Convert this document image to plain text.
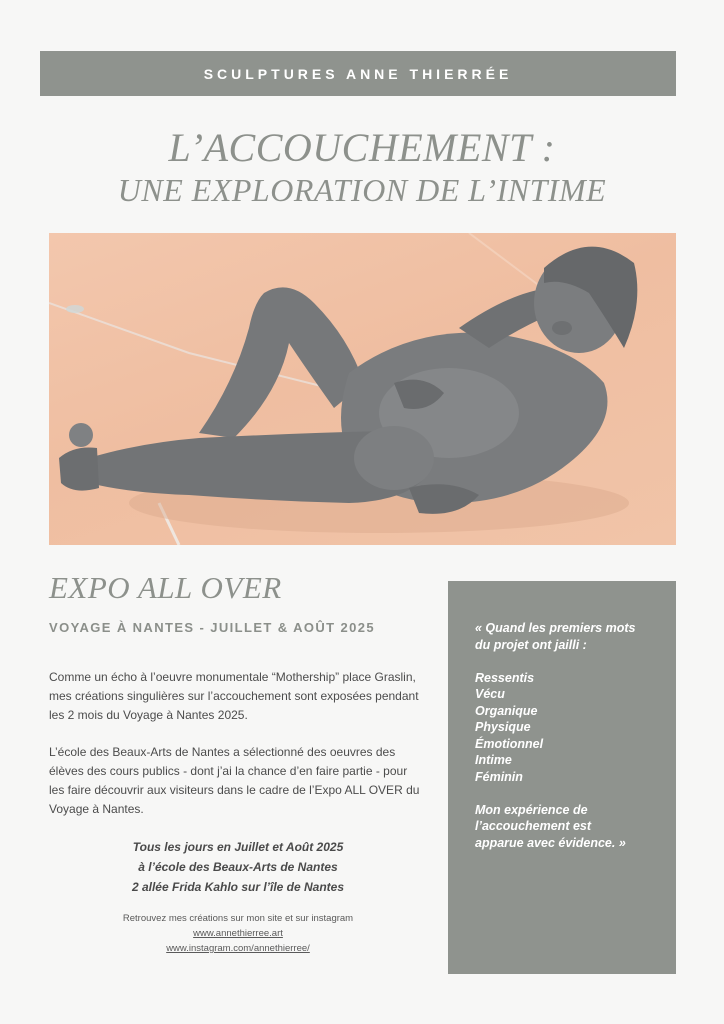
SCULPTURES ANNE THIERRÉE
L’ACCOUCHEMENT :
UNE EXPLORATION DE L’INTIME
EXPO ALL OVER
VOYAGE À NANTES - JUILLET & AOÛT 2025

Comme un écho à l’oeuvre monumentale “Mothership” place Graslin, mes créations singulières sur l’accouchement sont exposées pendant les 2 mois du Voyage à Nantes 2025.

L’école des Beaux-Arts de Nantes a sélectionné des oeuvres des élèves des cours publics - dont j’ai la chance d’en faire partie - pour les faire découvrir aux visiteurs dans le cadre de l’Expo ALL OVER du Voyage à Nantes.

Tous les jours en Juillet et Août 2025
à l’école des Beaux-Arts de Nantes
2 allée Frida Kahlo sur l’île de Nantes
Retrouvez mes créations sur mon site et sur instagram
www.annethierree.art
www.instagram.com/annethierree/
« Quand les premiers mots
du projet ont jailli :
Ressentis
Vécu
Organique
Physique
Émotionnel
Intime
Féminin
Mon expérience de
l’accouchement est
apparue avec évidence. »
